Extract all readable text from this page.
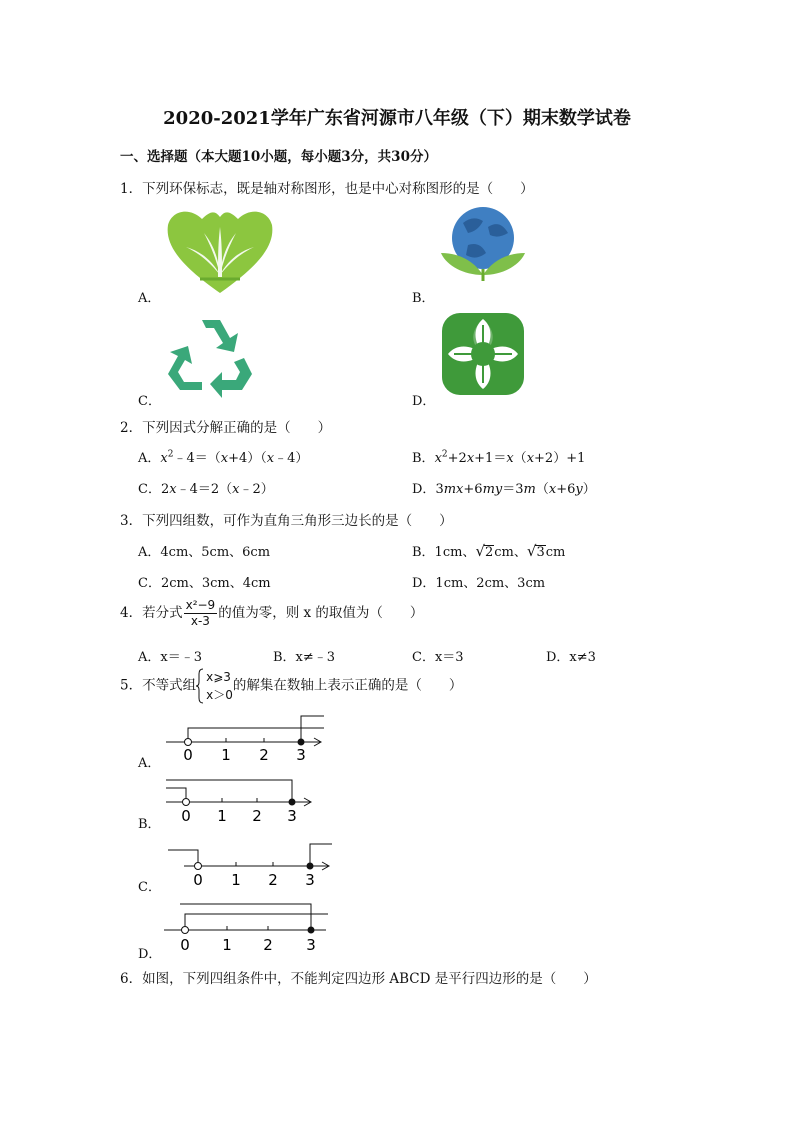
2020-2021学年广东省河源市八年级（下）期末数学试卷
一、选择题（本大题10小题，每小题3分，共30分）
1．下列环保标志，既是轴对称图形，也是中心对称图形的是（　　）
A．	B．
C．	D．
2．下列因式分解正确的是（　　）
A．$x^2﹣4=(x+4)(x﹣4)$	B．$x^2+2x+1=x(x+2)+1$
C．2x﹣4＝2（x﹣2）	D．3mx+6my＝3m（x+6y）
3．下列四组数，可作为直角三角形三边长的是（　　）
A．4cm、5cm、6cm	B．1cm、√2cm、√3cm
C．2cm、3cm、4cm	D．1cm、2cm、3cm
4．若分式 $\frac{\text{x²−9}}{x-3}$ 的值为零，则 x 的取值为（　　）
A．x＝﹣3	B．x≠﹣3	C．x＝3	D．x≠3
5．不等式组
x⩾3
x＞0
的解集在数轴上表示正确的是（　　）
0 1 2 3
A．
0 1 2 3
B．
0 1 2 3
C．
0 1 2 3
D．
6．如图，下列四组条件中，不能判定四边形 ABCD 是平行四边形的是（　　）
